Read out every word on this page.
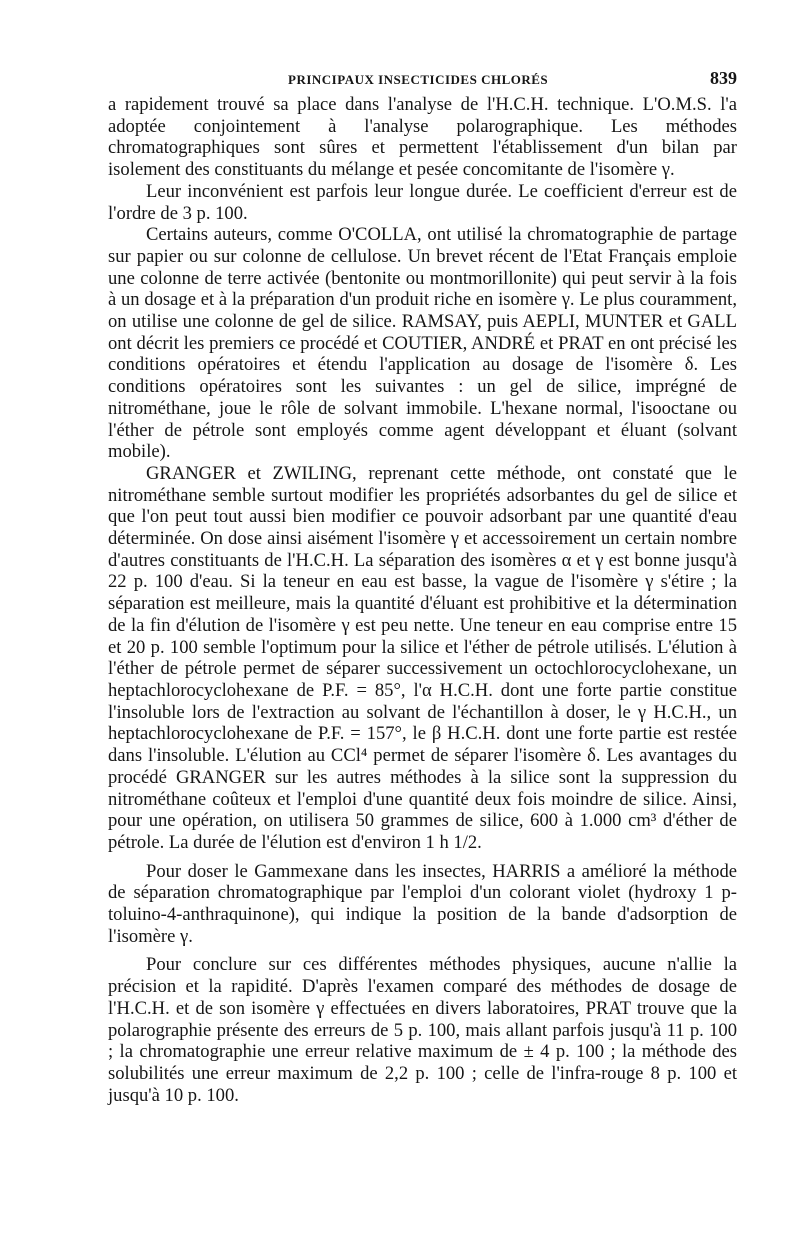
PRINCIPAUX INSECTICIDES CHLORÉS	839

a rapidement trouvé sa place dans l'analyse de l'H.C.H. technique. L'O.M.S. l'a adoptée conjointement à l'analyse polarographique. Les méthodes chromatographiques sont sûres et permettent l'établissement d'un bilan par isolement des constituants du mélange et pesée concomitante de l'isomère γ.

Leur inconvénient est parfois leur longue durée. Le coefficient d'erreur est de l'ordre de 3 p. 100.

Certains auteurs, comme O'COLLA, ont utilisé la chromatographie de partage sur papier ou sur colonne de cellulose. Un brevet récent de l'Etat Français emploie une colonne de terre activée (bentonite ou montmorillonite) qui peut servir à la fois à un dosage et à la préparation d'un produit riche en isomère γ. Le plus couramment, on utilise une colonne de gel de silice. RAMSAY, puis AEPLI, MUNTER et GALL ont décrit les premiers ce procédé et COUTIER, ANDRÉ et PRAT en ont précisé les conditions opératoires et étendu l'application au dosage de l'isomère δ. Les conditions opératoires sont les suivantes : un gel de silice, imprégné de nitrométhane, joue le rôle de solvant immobile. L'hexane normal, l'isooctane ou l'éther de pétrole sont employés comme agent développant et éluant (solvant mobile).

GRANGER et ZWILING, reprenant cette méthode, ont constaté que le nitrométhane semble surtout modifier les propriétés adsorbantes du gel de silice et que l'on peut tout aussi bien modifier ce pouvoir adsorbant par une quantité d'eau déterminée. On dose ainsi aisément l'isomère γ et accessoirement un certain nombre d'autres constituants de l'H.C.H. La séparation des isomères α et γ est bonne jusqu'à 22 p. 100 d'eau. Si la teneur en eau est basse, la vague de l'isomère γ s'étire ; la séparation est meilleure, mais la quantité d'éluant est prohibitive et la détermination de la fin d'élution de l'isomère γ est peu nette. Une teneur en eau comprise entre 15 et 20 p. 100 semble l'optimum pour la silice et l'éther de pétrole utilisés. L'élution à l'éther de pétrole permet de séparer successivement un octochlorocyclohexane, un heptachlorocyclohexane de P.F. = 85°, l'α H.C.H. dont une forte partie constitue l'insoluble lors de l'extraction au solvant de l'échantillon à doser, le γ H.C.H., un heptachlorocyclohexane de P.F. = 157°, le β H.C.H. dont une forte partie est restée dans l'insoluble. L'élution au CCl⁴ permet de séparer l'isomère δ. Les avantages du procédé GRANGER sur les autres méthodes à la silice sont la suppression du nitrométhane coûteux et l'emploi d'une quantité deux fois moindre de silice. Ainsi, pour une opération, on utilisera 50 grammes de silice, 600 à 1.000 cm³ d'éther de pétrole. La durée de l'élution est d'environ 1 h 1/2.

Pour doser le Gammexane dans les insectes, HARRIS a amélioré la méthode de séparation chromatographique par l'emploi d'un colorant violet (hydroxy 1 p-toluino-4-anthraquinone), qui indique la position de la bande d'adsorption de l'isomère γ.

Pour conclure sur ces différentes méthodes physiques, aucune n'allie la précision et la rapidité. D'après l'examen comparé des méthodes de dosage de l'H.C.H. et de son isomère γ effectuées en divers laboratoires, PRAT trouve que la polarographie présente des erreurs de 5 p. 100, mais allant parfois jusqu'à 11 p. 100 ; la chromatographie une erreur relative maximum de ± 4 p. 100 ; la méthode des solubilités une erreur maximum de 2,2 p. 100 ; celle de l'infra-rouge 8 p. 100 et jusqu'à 10 p. 100.
